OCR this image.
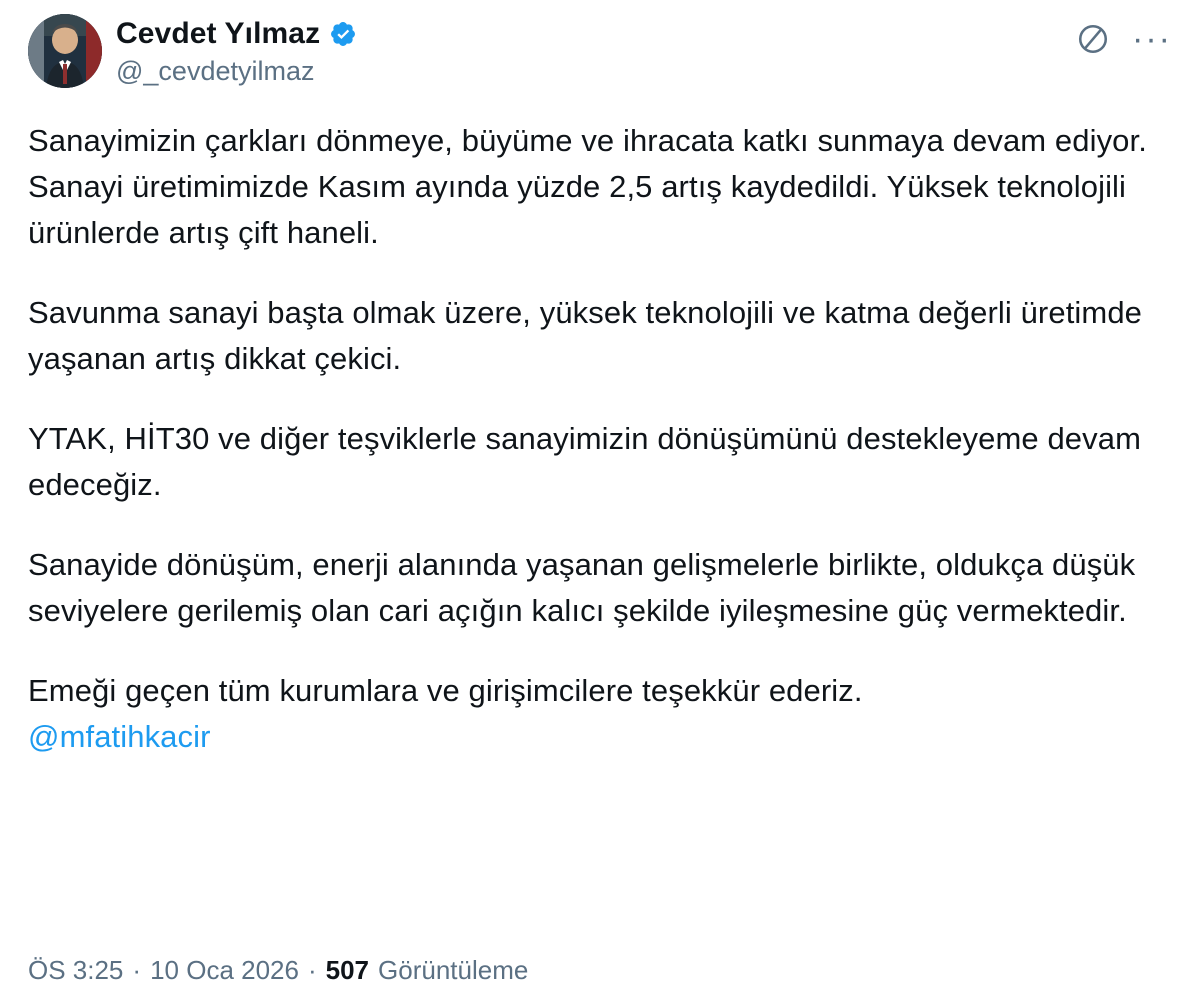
Cevdet Yılmaz
@_cevdetyilmaz
···

Sanayimizin çarkları dönmeye, büyüme ve ihracata katkı sunmaya devam ediyor. Sanayi üretimimizde Kasım ayında yüzde 2,5 artış kaydedildi. Yüksek teknolojili ürünlerde artış çift haneli.

Savunma sanayi başta olmak üzere, yüksek teknolojili ve katma değerli üretimde yaşanan artış dikkat çekici.

YTAK, HİT30 ve diğer teşviklerle sanayimizin dönüşümünü destekleyeme devam edeceğiz.

Sanayide dönüşüm, enerji alanında yaşanan gelişmelerle birlikte, oldukça düşük seviyelere gerilemiş olan cari açığın kalıcı şekilde iyileşmesine güç vermektedir.

Emeği geçen tüm kurumlara ve girişimcilere teşekkür ederiz.
@mfatihkacir

ÖS 3:25 · 10 Oca 2026 · 507 Görüntüleme
